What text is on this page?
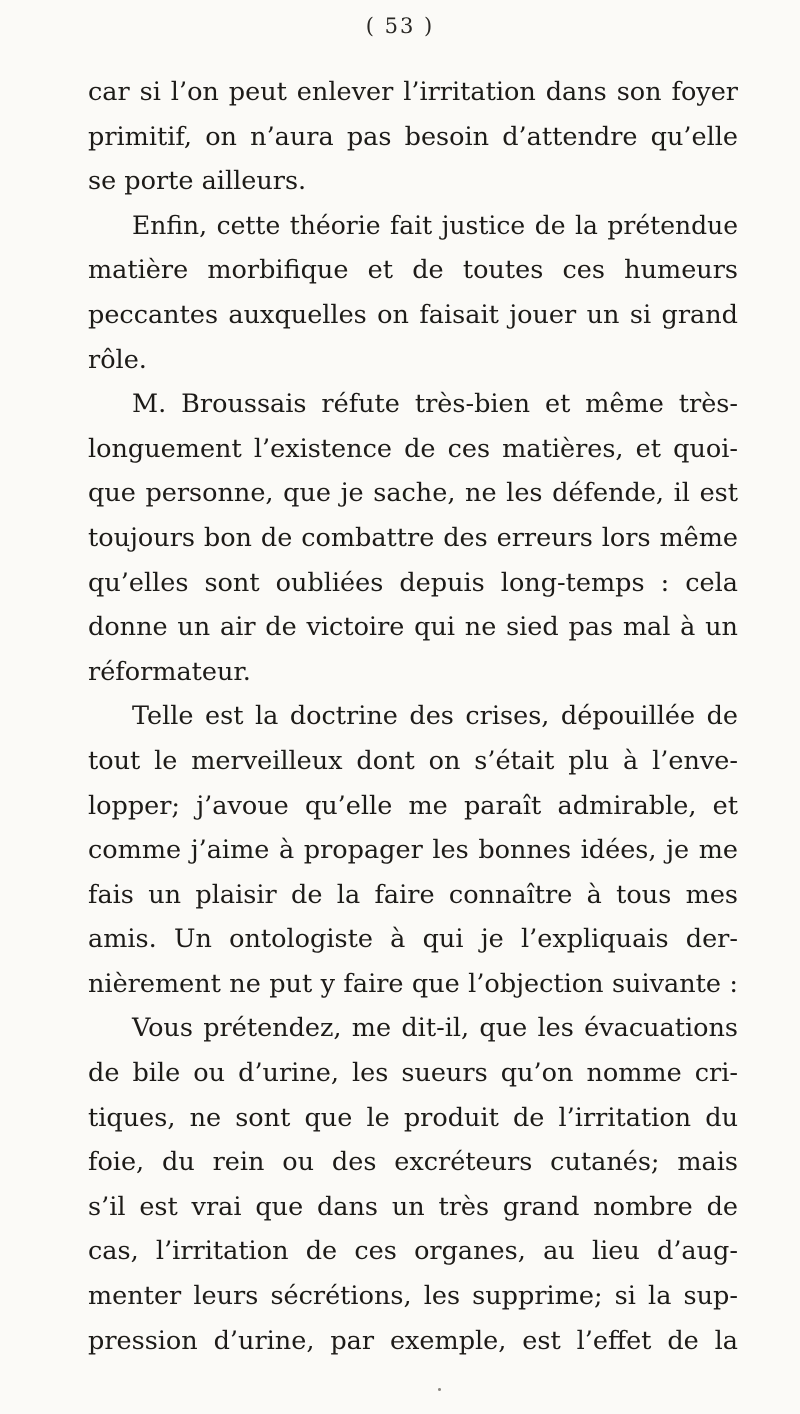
( 53 )
car si l’on peut enlever l’irritation dans son foyer
primitif, on n’aura pas besoin d’attendre qu’elle
se porte ailleurs.
Enfin, cette théorie fait justice de la prétendue
matière morbifique et de toutes ces humeurs
peccantes auxquelles on faisait jouer un si grand
rôle.
M. Broussais réfute très-bien et même très-
longuement l’existence de ces matières, et quoi-
que personne, que je sache, ne les défende, il est
toujours bon de combattre des erreurs lors même
qu’elles sont oubliées depuis long-temps : cela
donne un air de victoire qui ne sied pas mal à un
réformateur.
Telle est la doctrine des crises, dépouillée de
tout le merveilleux dont on s’était plu à l’enve-
lopper; j’avoue qu’elle me paraît admirable, et
comme j’aime à propager les bonnes idées, je me
fais un plaisir de la faire connaître à tous mes
amis. Un ontologiste à qui je l’expliquais der-
nièrement ne put y faire que l’objection suivante :
Vous prétendez, me dit-il, que les évacuations
de bile ou d’urine, les sueurs qu’on nomme cri-
tiques, ne sont que le produit de l’irritation du
foie, du rein ou des excréteurs cutanés; mais
s’il est vrai que dans un très grand nombre de
cas, l’irritation de ces organes, au lieu d’aug-
menter leurs sécrétions, les supprime; si la sup-
pression d’urine, par exemple, est l’effet de la
